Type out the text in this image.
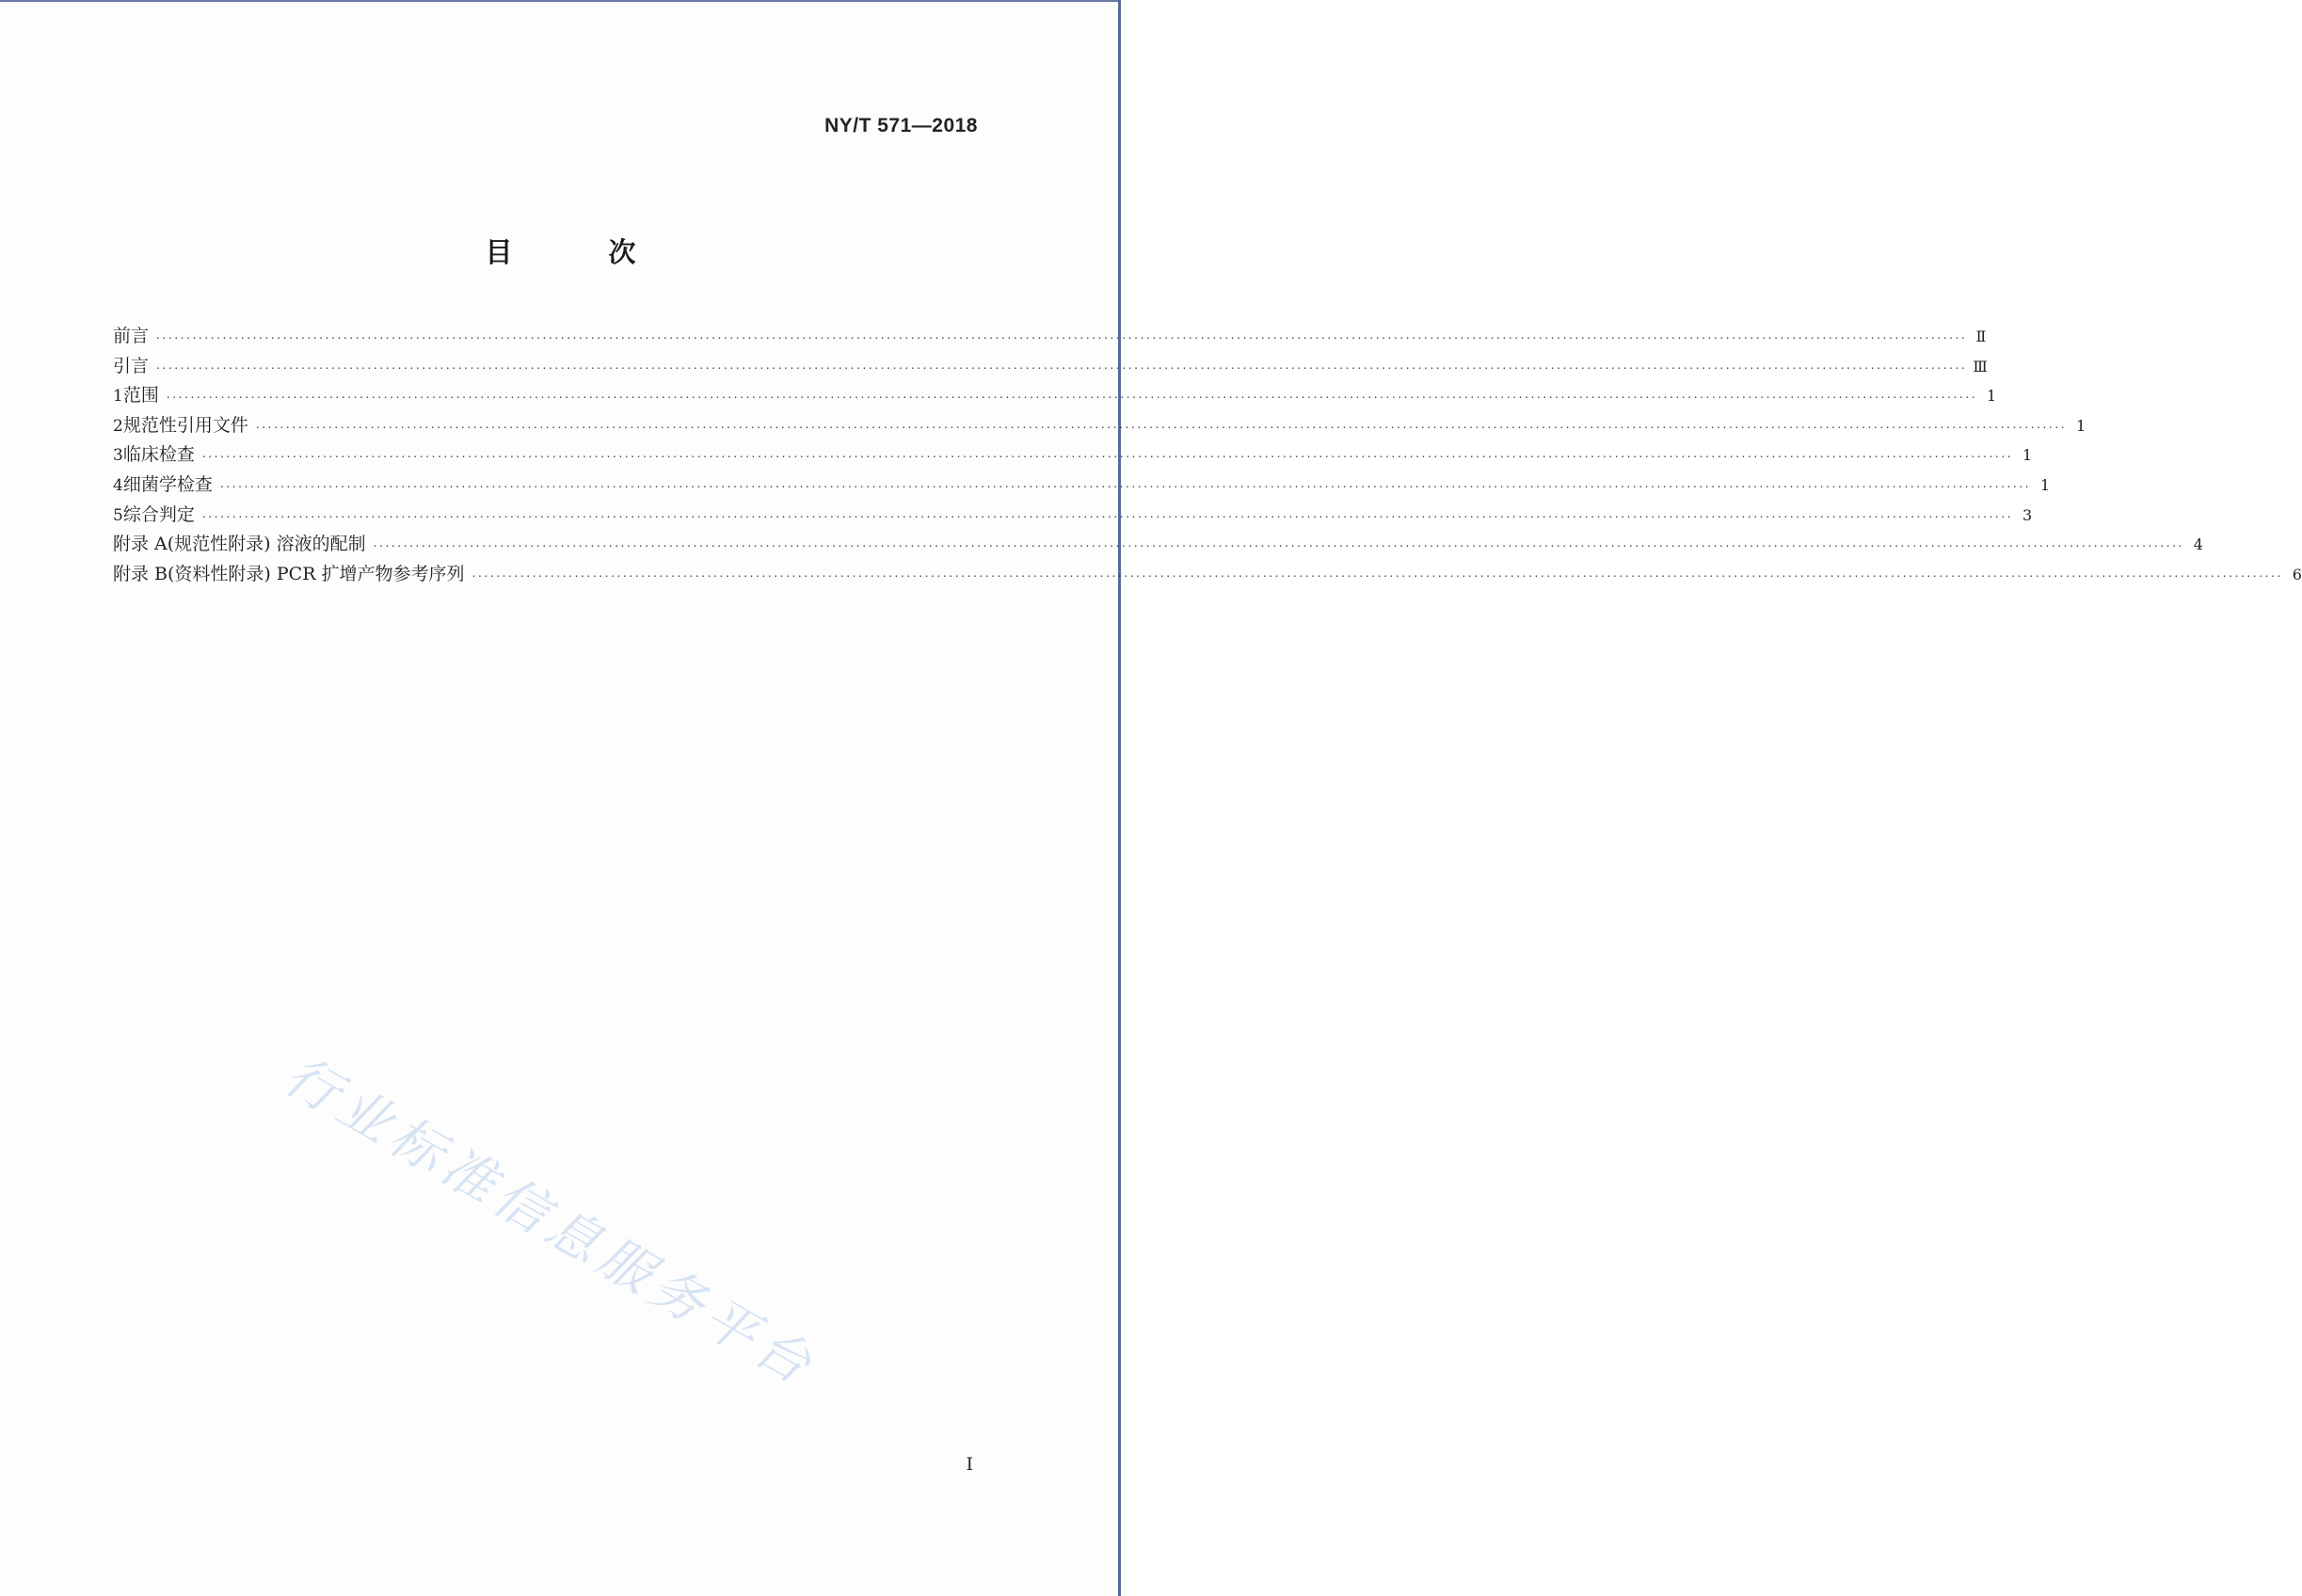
NY/T 571—2018
目 次
前言 ............................................................................................................................................................................................................................................................................................................ Ⅱ
引言 ............................................................................................................................................................................................................................................................................................................ Ⅲ
1 范围 ............................................................................................................................................................................................................................................................................................................ 1
2 规范性引用文件 ............................................................................................................................................................................................................................................................................................................ 1
3 临床检查 ............................................................................................................................................................................................................................................................................................................ 1
4 细菌学检查 ............................................................................................................................................................................................................................................................................................................ 1
5 综合判定 ............................................................................................................................................................................................................................................................................................................ 3
附录 A(规范性附录) 溶液的配制 ............................................................................................................................................................................................................................................................................................................ 4
附录 B(资料性附录) PCR 扩增产物参考序列 ............................................................................................................................................................................................................................................................................................................ 6
行业标准信息服务平台
I
